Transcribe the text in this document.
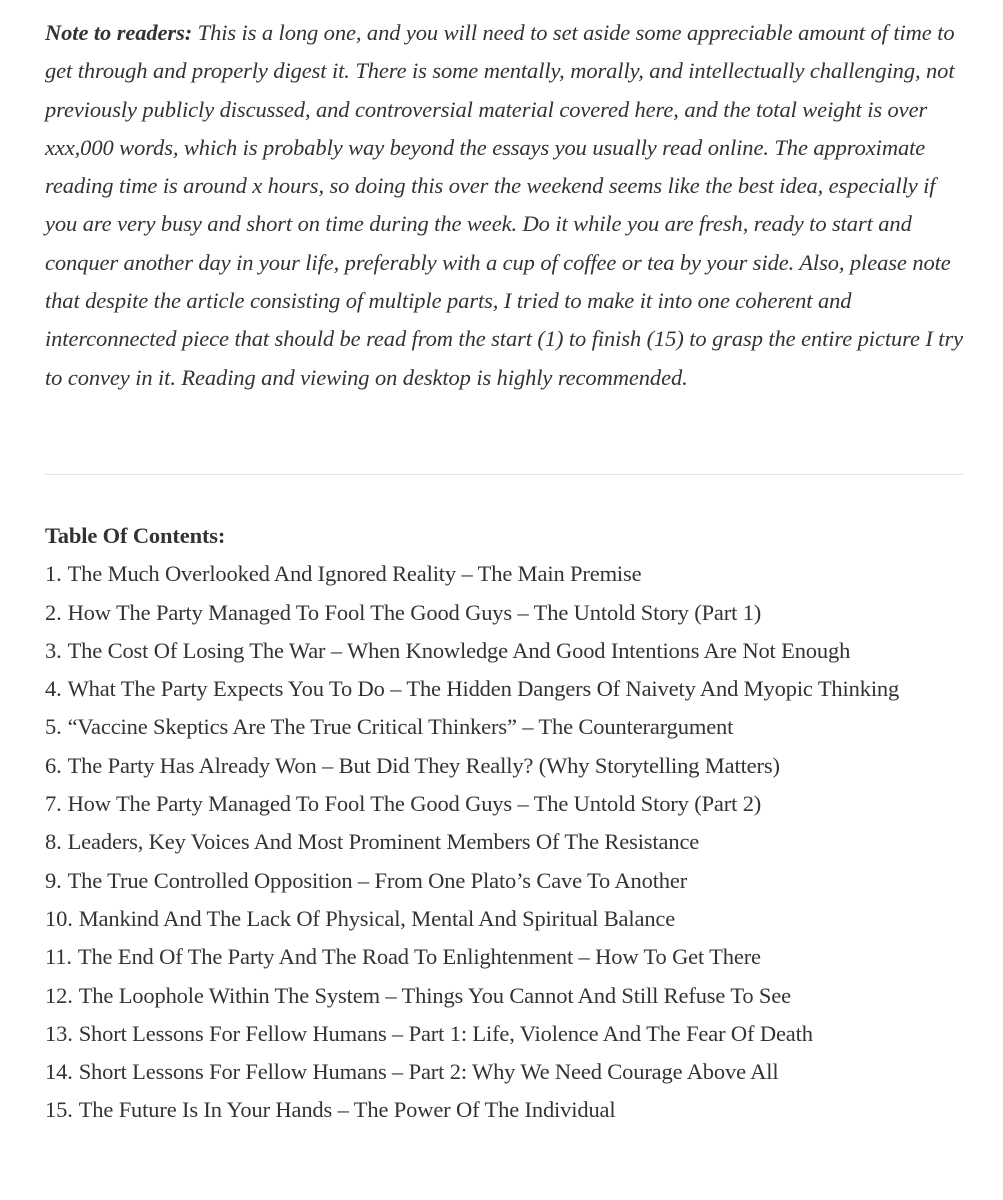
Note to readers: This is a long one, and you will need to set aside some appreciable amount of time to get through and properly digest it. There is some mentally, morally, and intellectually challenging, not previously publicly discussed, and controversial material covered here, and the total weight is over xxx,000 words, which is probably way beyond the essays you usually read online. The approximate reading time is around x hours, so doing this over the weekend seems like the best idea, especially if you are very busy and short on time during the week. Do it while you are fresh, ready to start and conquer another day in your life, preferably with a cup of coffee or tea by your side. Also, please note that despite the article consisting of multiple parts, I tried to make it into one coherent and interconnected piece that should be read from the start (1) to finish (15) to grasp the entire picture I try to convey in it. Reading and viewing on desktop is highly recommended.

Table Of Contents:
1. The Much Overlooked And Ignored Reality – The Main Premise
2. How The Party Managed To Fool The Good Guys – The Untold Story (Part 1)
3. The Cost Of Losing The War – When Knowledge And Good Intentions Are Not Enough
4. What The Party Expects You To Do – The Hidden Dangers Of Naivety And Myopic Thinking
5. “Vaccine Skeptics Are The True Critical Thinkers” – The Counterargument
6. The Party Has Already Won – But Did They Really? (Why Storytelling Matters)
7. How The Party Managed To Fool The Good Guys – The Untold Story (Part 2)
8. Leaders, Key Voices And Most Prominent Members Of The Resistance
9. The True Controlled Opposition – From One Plato’s Cave To Another
10. Mankind And The Lack Of Physical, Mental And Spiritual Balance
11. The End Of The Party And The Road To Enlightenment – How To Get There
12. The Loophole Within The System – Things You Cannot And Still Refuse To See
13. Short Lessons For Fellow Humans – Part 1: Life, Violence And The Fear Of Death
14. Short Lessons For Fellow Humans – Part 2: Why We Need Courage Above All
15. The Future Is In Your Hands – The Power Of The Individual
